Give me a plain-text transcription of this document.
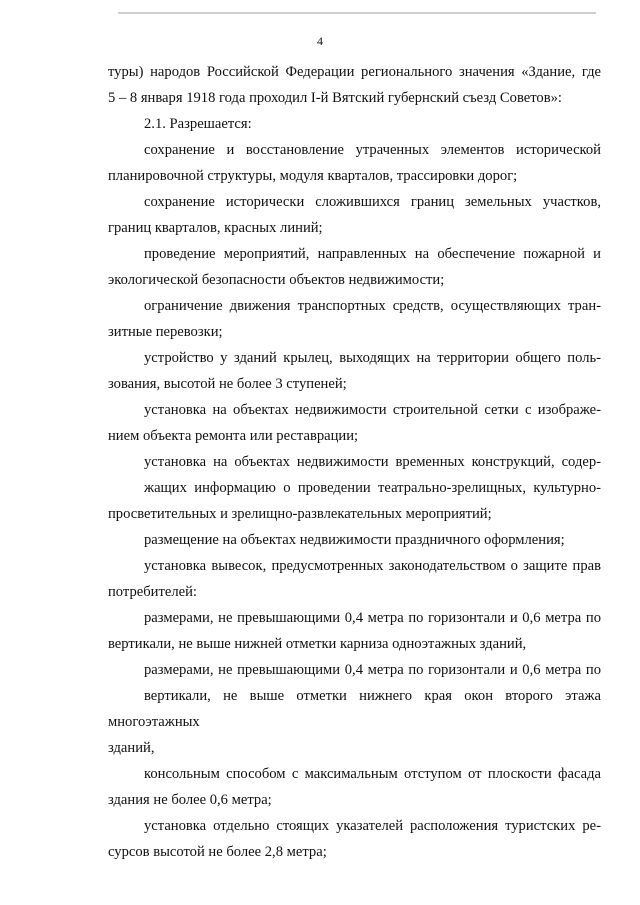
4
туры) народов Российской Федерации регионального значения «Здание, где
5 – 8 января 1918 года проходил I-й Вятский губернский съезд Советов»:
2.1. Разрешается:
сохранение и восстановление утраченных элементов исторической
планировочной структуры, модуля кварталов, трассировки дорог;
сохранение исторически сложившихся границ земельных участков,
границ кварталов, красных линий;
проведение мероприятий, направленных на обеспечение пожарной и
экологической безопасности объектов недвижимости;
ограничение движения транспортных средств, осуществляющих тран-
зитные перевозки;
устройство у зданий крылец, выходящих на территории общего поль-
зования, высотой не более 3 ступеней;
установка на объектах недвижимости строительной сетки с изображе-
нием объекта ремонта или реставрации;
установка на объектах недвижимости временных конструкций, содер-
жащих информацию о проведении театрально-зрелищных, культурно-
просветительных и зрелищно-развлекательных мероприятий;
размещение на объектах недвижимости праздничного оформления;
установка вывесок, предусмотренных законодательством о защите прав
потребителей:
размерами, не превышающими 0,4 метра по горизонтали и 0,6 метра по
вертикали, не выше нижней отметки карниза одноэтажных зданий,
размерами, не превышающими 0,4 метра по горизонтали и 0,6 метра по
вертикали, не выше отметки нижнего края окон второго этажа многоэтажных
зданий,
консольным способом с максимальным отступом от плоскости фасада
здания не более 0,6 метра;
установка отдельно стоящих указателей расположения туристских ре-
сурсов высотой не более 2,8 метра;
